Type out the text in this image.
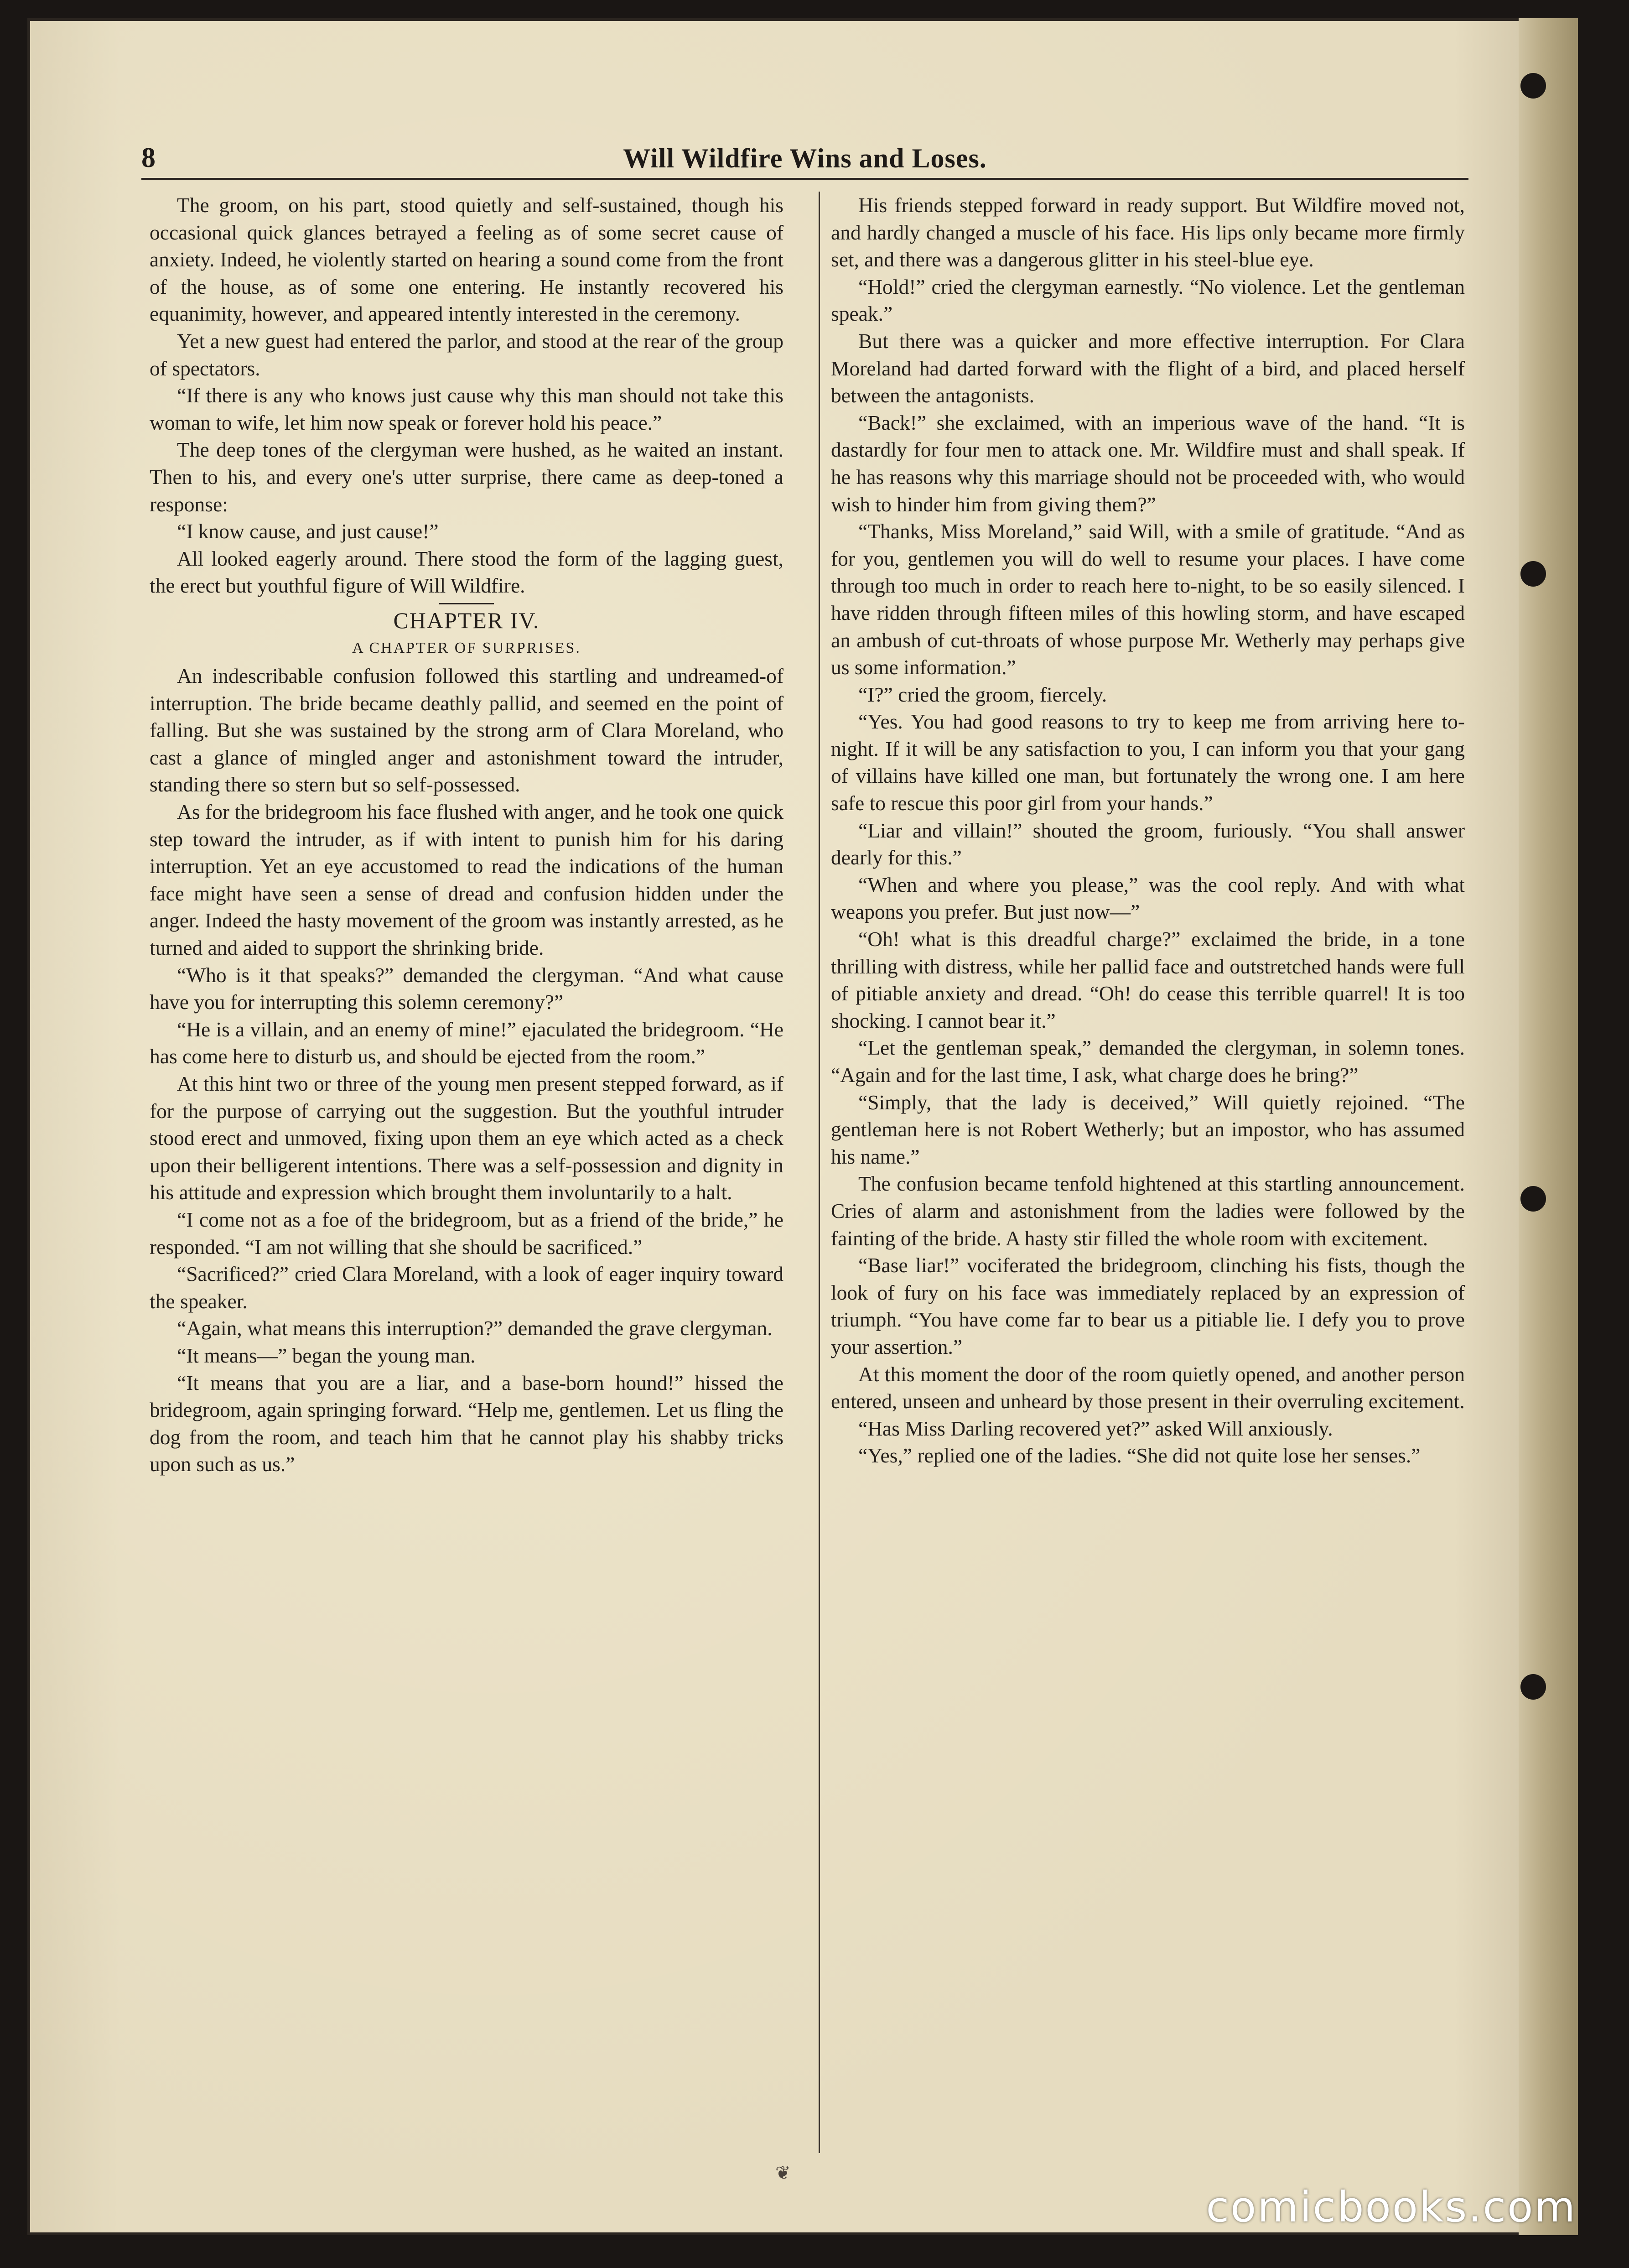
8	Will Wildfire Wins and Loses.

The groom, on his part, stood quietly and self-sustained, though his occasional quick glances betrayed a feeling as of some secret cause of anxiety. Indeed, he violently started on hearing a sound come from the front of the house, as of some one entering. He instantly recovered his equanimity, however, and appeared intently interested in the ceremony.

Yet a new guest had entered the parlor, and stood at the rear of the group of spectators.

“If there is any who knows just cause why this man should not take this woman to wife, let him now speak or forever hold his peace.”

The deep tones of the clergyman were hushed, as he waited an instant. Then to his, and every one's utter surprise, there came as deep-toned a response:

“I know cause, and just cause!”

All looked eagerly around. There stood the form of the lagging guest, the erect but youthful figure of Will Wildfire.

CHAPTER IV.
A CHAPTER OF SURPRISES.

An indescribable confusion followed this startling and undreamed-of interruption. The bride became deathly pallid, and seemed en the point of falling. But she was sustained by the strong arm of Clara Moreland, who cast a glance of mingled anger and astonishment toward the intruder, standing there so stern but so self-possessed.

As for the bridegroom his face flushed with anger, and he took one quick step toward the intruder, as if with intent to punish him for his daring interruption. Yet an eye accustomed to read the indications of the human face might have seen a sense of dread and confusion hidden under the anger. Indeed the hasty movement of the groom was instantly arrested, as he turned and aided to support the shrinking bride.

“Who is it that speaks?” demanded the clergyman. “And what cause have you for interrupting this solemn ceremony?”

“He is a villain, and an enemy of mine!” ejaculated the bridegroom. “He has come here to disturb us, and should be ejected from the room.”

At this hint two or three of the young men present stepped forward, as if for the purpose of carrying out the suggestion. But the youthful intruder stood erect and unmoved, fixing upon them an eye which acted as a check upon their belligerent intentions. There was a self-possession and dignity in his attitude and expression which brought them involuntarily to a halt.

“I come not as a foe of the bridegroom, but as a friend of the bride,” he responded. “I am not willing that she should be sacrificed.”

“Sacrificed?” cried Clara Moreland, with a look of eager inquiry toward the speaker.

“Again, what means this interruption?” demanded the grave clergyman.

“It means—” began the young man.

“It means that you are a liar, and a base-born hound!” hissed the bridegroom, again springing forward. “Help me, gentlemen. Let us fling the dog from the room, and teach him that he cannot play his shabby tricks upon such as us.”

His friends stepped forward in ready support. But Wildfire moved not, and hardly changed a muscle of his face. His lips only became more firmly set, and there was a dangerous glitter in his steel-blue eye.

“Hold!” cried the clergyman earnestly. “No violence. Let the gentleman speak.”

But there was a quicker and more effective interruption. For Clara Moreland had darted forward with the flight of a bird, and placed herself between the antagonists.

“Back!” she exclaimed, with an imperious wave of the hand. “It is dastardly for four men to attack one. Mr. Wildfire must and shall speak. If he has reasons why this marriage should not be proceeded with, who would wish to hinder him from giving them?”

“Thanks, Miss Moreland,” said Will, with a smile of gratitude. “And as for you, gentlemen you will do well to resume your places. I have come through too much in order to reach here to-night, to be so easily silenced. I have ridden through fifteen miles of this howling storm, and have escaped an ambush of cut-throats of whose purpose Mr. Wetherly may perhaps give us some information.”

“I?” cried the groom, fiercely.

“Yes. You had good reasons to try to keep me from arriving here to-night. If it will be any satisfaction to you, I can inform you that your gang of villains have killed one man, but fortunately the wrong one. I am here safe to rescue this poor girl from your hands.”

“Liar and villain!” shouted the groom, furiously. “You shall answer dearly for this.”

“When and where you please,” was the cool reply. And with what weapons you prefer. But just now—”

“Oh! what is this dreadful charge?” exclaimed the bride, in a tone thrilling with distress, while her pallid face and outstretched hands were full of pitiable anxiety and dread. “Oh! do cease this terrible quarrel! It is too shocking. I cannot bear it.”

“Let the gentleman speak,” demanded the clergyman, in solemn tones. “Again and for the last time, I ask, what charge does he bring?”

“Simply, that the lady is deceived,” Will quietly rejoined. “The gentleman here is not Robert Wetherly; but an impostor, who has assumed his name.”

The confusion became tenfold hightened at this startling announcement. Cries of alarm and astonishment from the ladies were followed by the fainting of the bride. A hasty stir filled the whole room with excitement.

“Base liar!” vociferated the bridegroom, clinching his fists, though the look of fury on his face was immediately replaced by an expression of triumph. “You have come far to bear us a pitiable lie. I defy you to prove your assertion.”

At this moment the door of the room quietly opened, and another person entered, unseen and unheard by those present in their overruling excitement.

“Has Miss Darling recovered yet?” asked Will anxiously.

“Yes,” replied one of the ladies. “She did not quite lose her senses.”

❦
comicbooks.com
